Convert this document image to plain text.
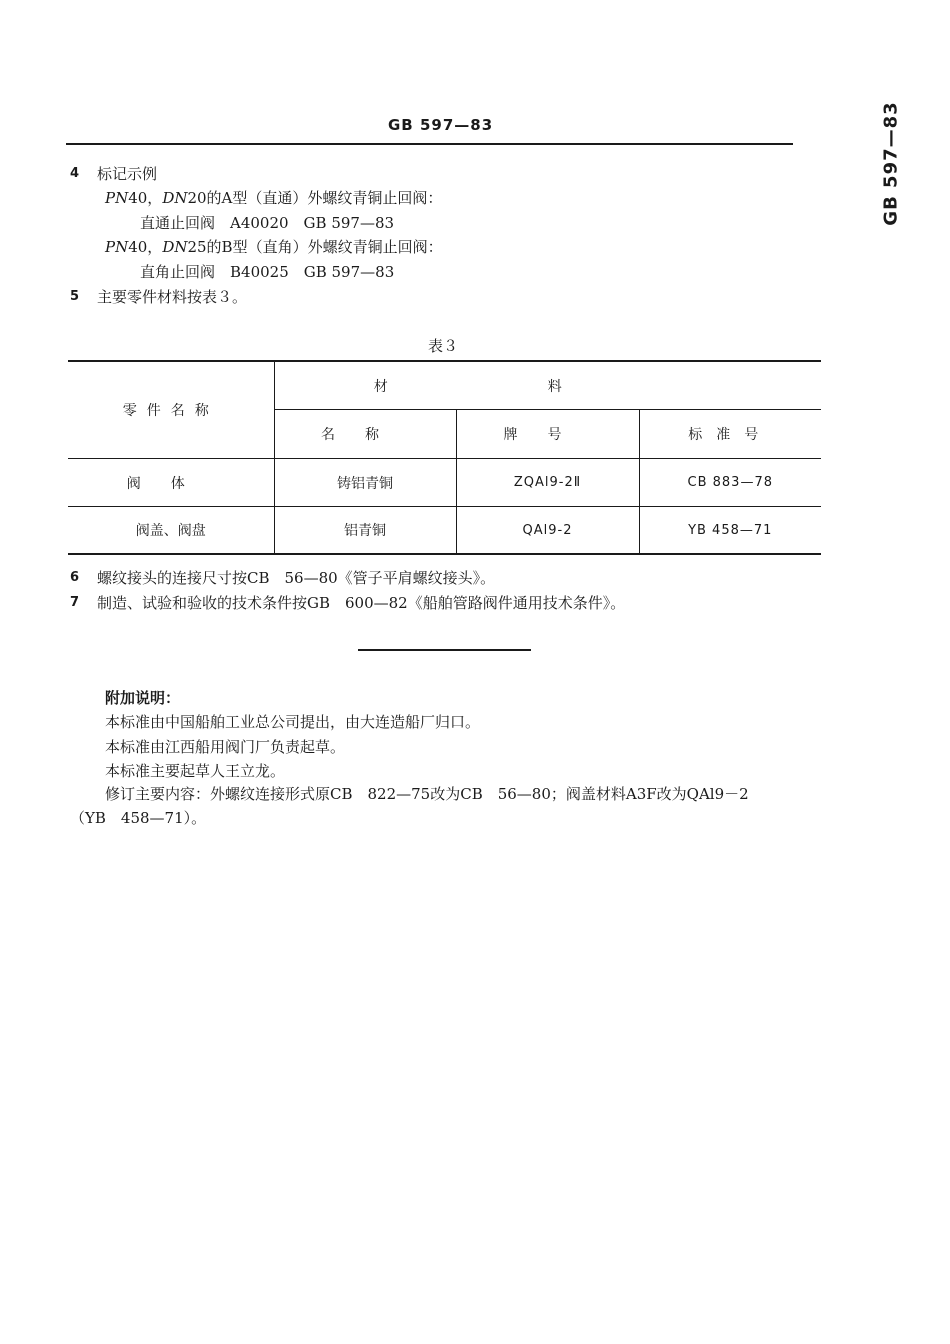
GB 597—83	GB 597—83
4 标记示例
PN40，DN20的A型（直通）外螺纹青铜止回阀：
直通止回阀　A40020　GB 597—83
PN40，DN25的B型（直角）外螺纹青铜止回阀：
直角止回阀　B40025　GB 597—83
5 主要零件材料按表３。
表３
零件名称	材料		
	名称	牌号	标准号
阀体	铸铝青铜	ZQAl9-2Ⅱ	CB 883—78
阀盖、阀盘	铝青铜	QAl9-2	YB 458—71
6 螺纹接头的连接尺寸按CB　56—80《管子平肩螺纹接头》。
7 制造、试验和验收的技术条件按GB　600—82《船舶管路阀件通用技术条件》。
附加说明：
本标准由中国船舶工业总公司提出，由大连造船厂归口。
本标准由江西船用阀门厂负责起草。
本标准主要起草人王立龙。
修订主要内容：外螺纹连接形式原CB　822—75改为CB　56—80；阀盖材料A3F改为QAl9－2
（YB　458—71）。
